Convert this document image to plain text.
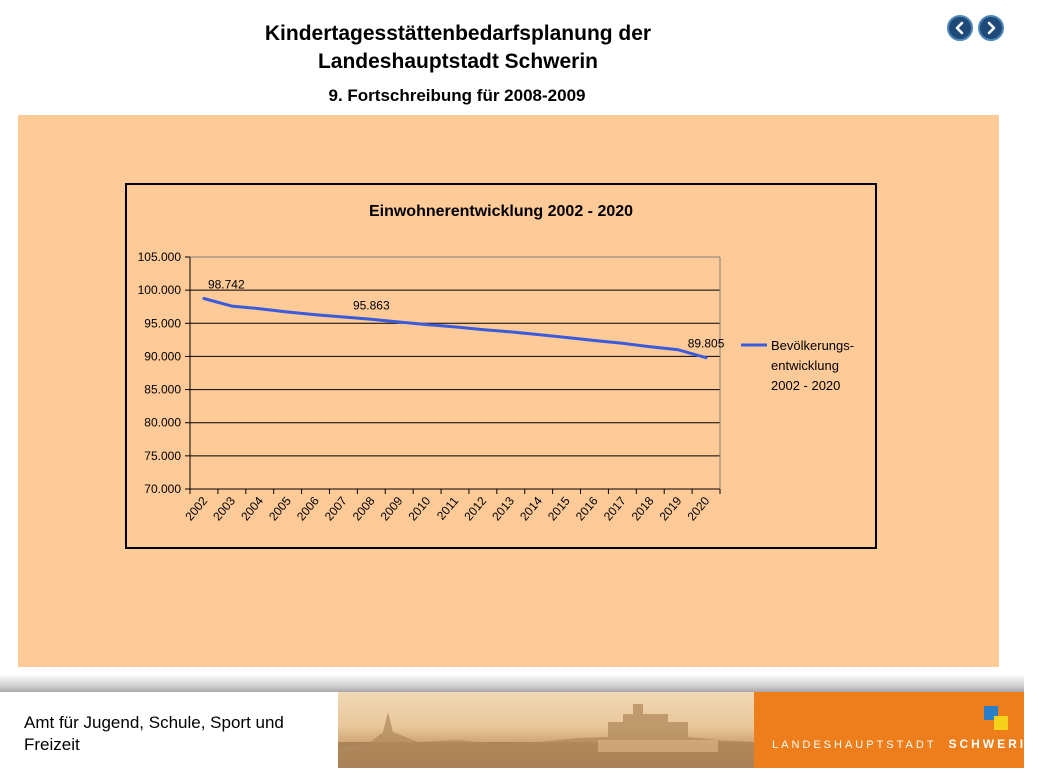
Kindertagesstättenbedarfsplanung der
Landeshauptstadt Schwerin
9. Fortschreibung für 2008-2009
Einwohnerentwicklung 2002 - 2020
70.000
75.000
80.000
85.000
90.000
95.000
100.000
105.000
2002 2003 2004 2005 2006 2007 2008 2009 2010 2011 2012 2013 2014 2015 2016 2017 2018 2019 2020
98.742
95.863
89.805	Bevölkerungs-
entwicklung
2002 - 2020
Amt für Jugend, Schule, Sport und Freizeit	LANDESHAUPTSTADT SCHWERIN
